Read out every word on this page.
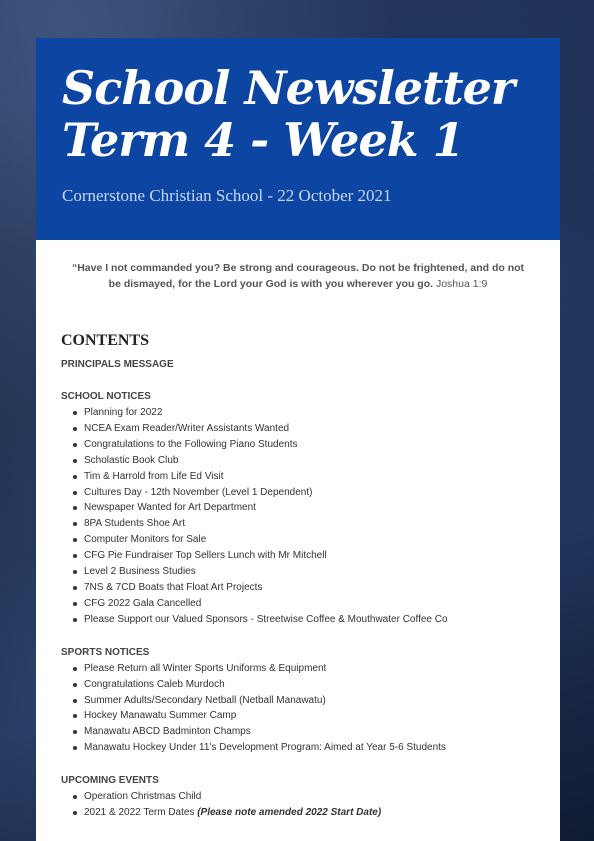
School Newsletter
Term 4 - Week 1
Cornerstone Christian School - 22 October 2021
“Have I not commanded you? Be strong and courageous. Do not be frightened, and do not be dismayed, for the Lord your God is with you wherever you go. Joshua 1:9
CONTENTS
PRINCIPALS MESSAGE
SCHOOL NOTICES
Planning for 2022
NCEA Exam Reader/Writer Assistants Wanted
Congratulations to the Following Piano Students
Scholastic Book Club
Tim & Harrold from Life Ed Visit
Cultures Day - 12th November (Level 1 Dependent)
Newspaper Wanted for Art Department
8PA Students Shoe Art
Computer Monitors for Sale
CFG Pie Fundraiser Top Sellers Lunch with Mr Mitchell
Level 2 Business Studies
7NS & 7CD Boats that Float Art Projects
CFG 2022 Gala Cancelled
Please Support our Valued Sponsors - Streetwise Coffee & Mouthwater Coffee Co
SPORTS NOTICES
Please Return all Winter Sports Uniforms & Equipment
Congratulations Caleb Murdoch
Summer Adults/Secondary Netball (Netball Manawatu)
Hockey Manawatu Summer Camp
Manawatu ABCD Badminton Champs
Manawatu Hockey Under 11's Development Program: Aimed at Year 5-6 Students
UPCOMING EVENTS
Operation Christmas Child
2021 & 2022 Term Dates (Please note amended 2022 Start Date)
